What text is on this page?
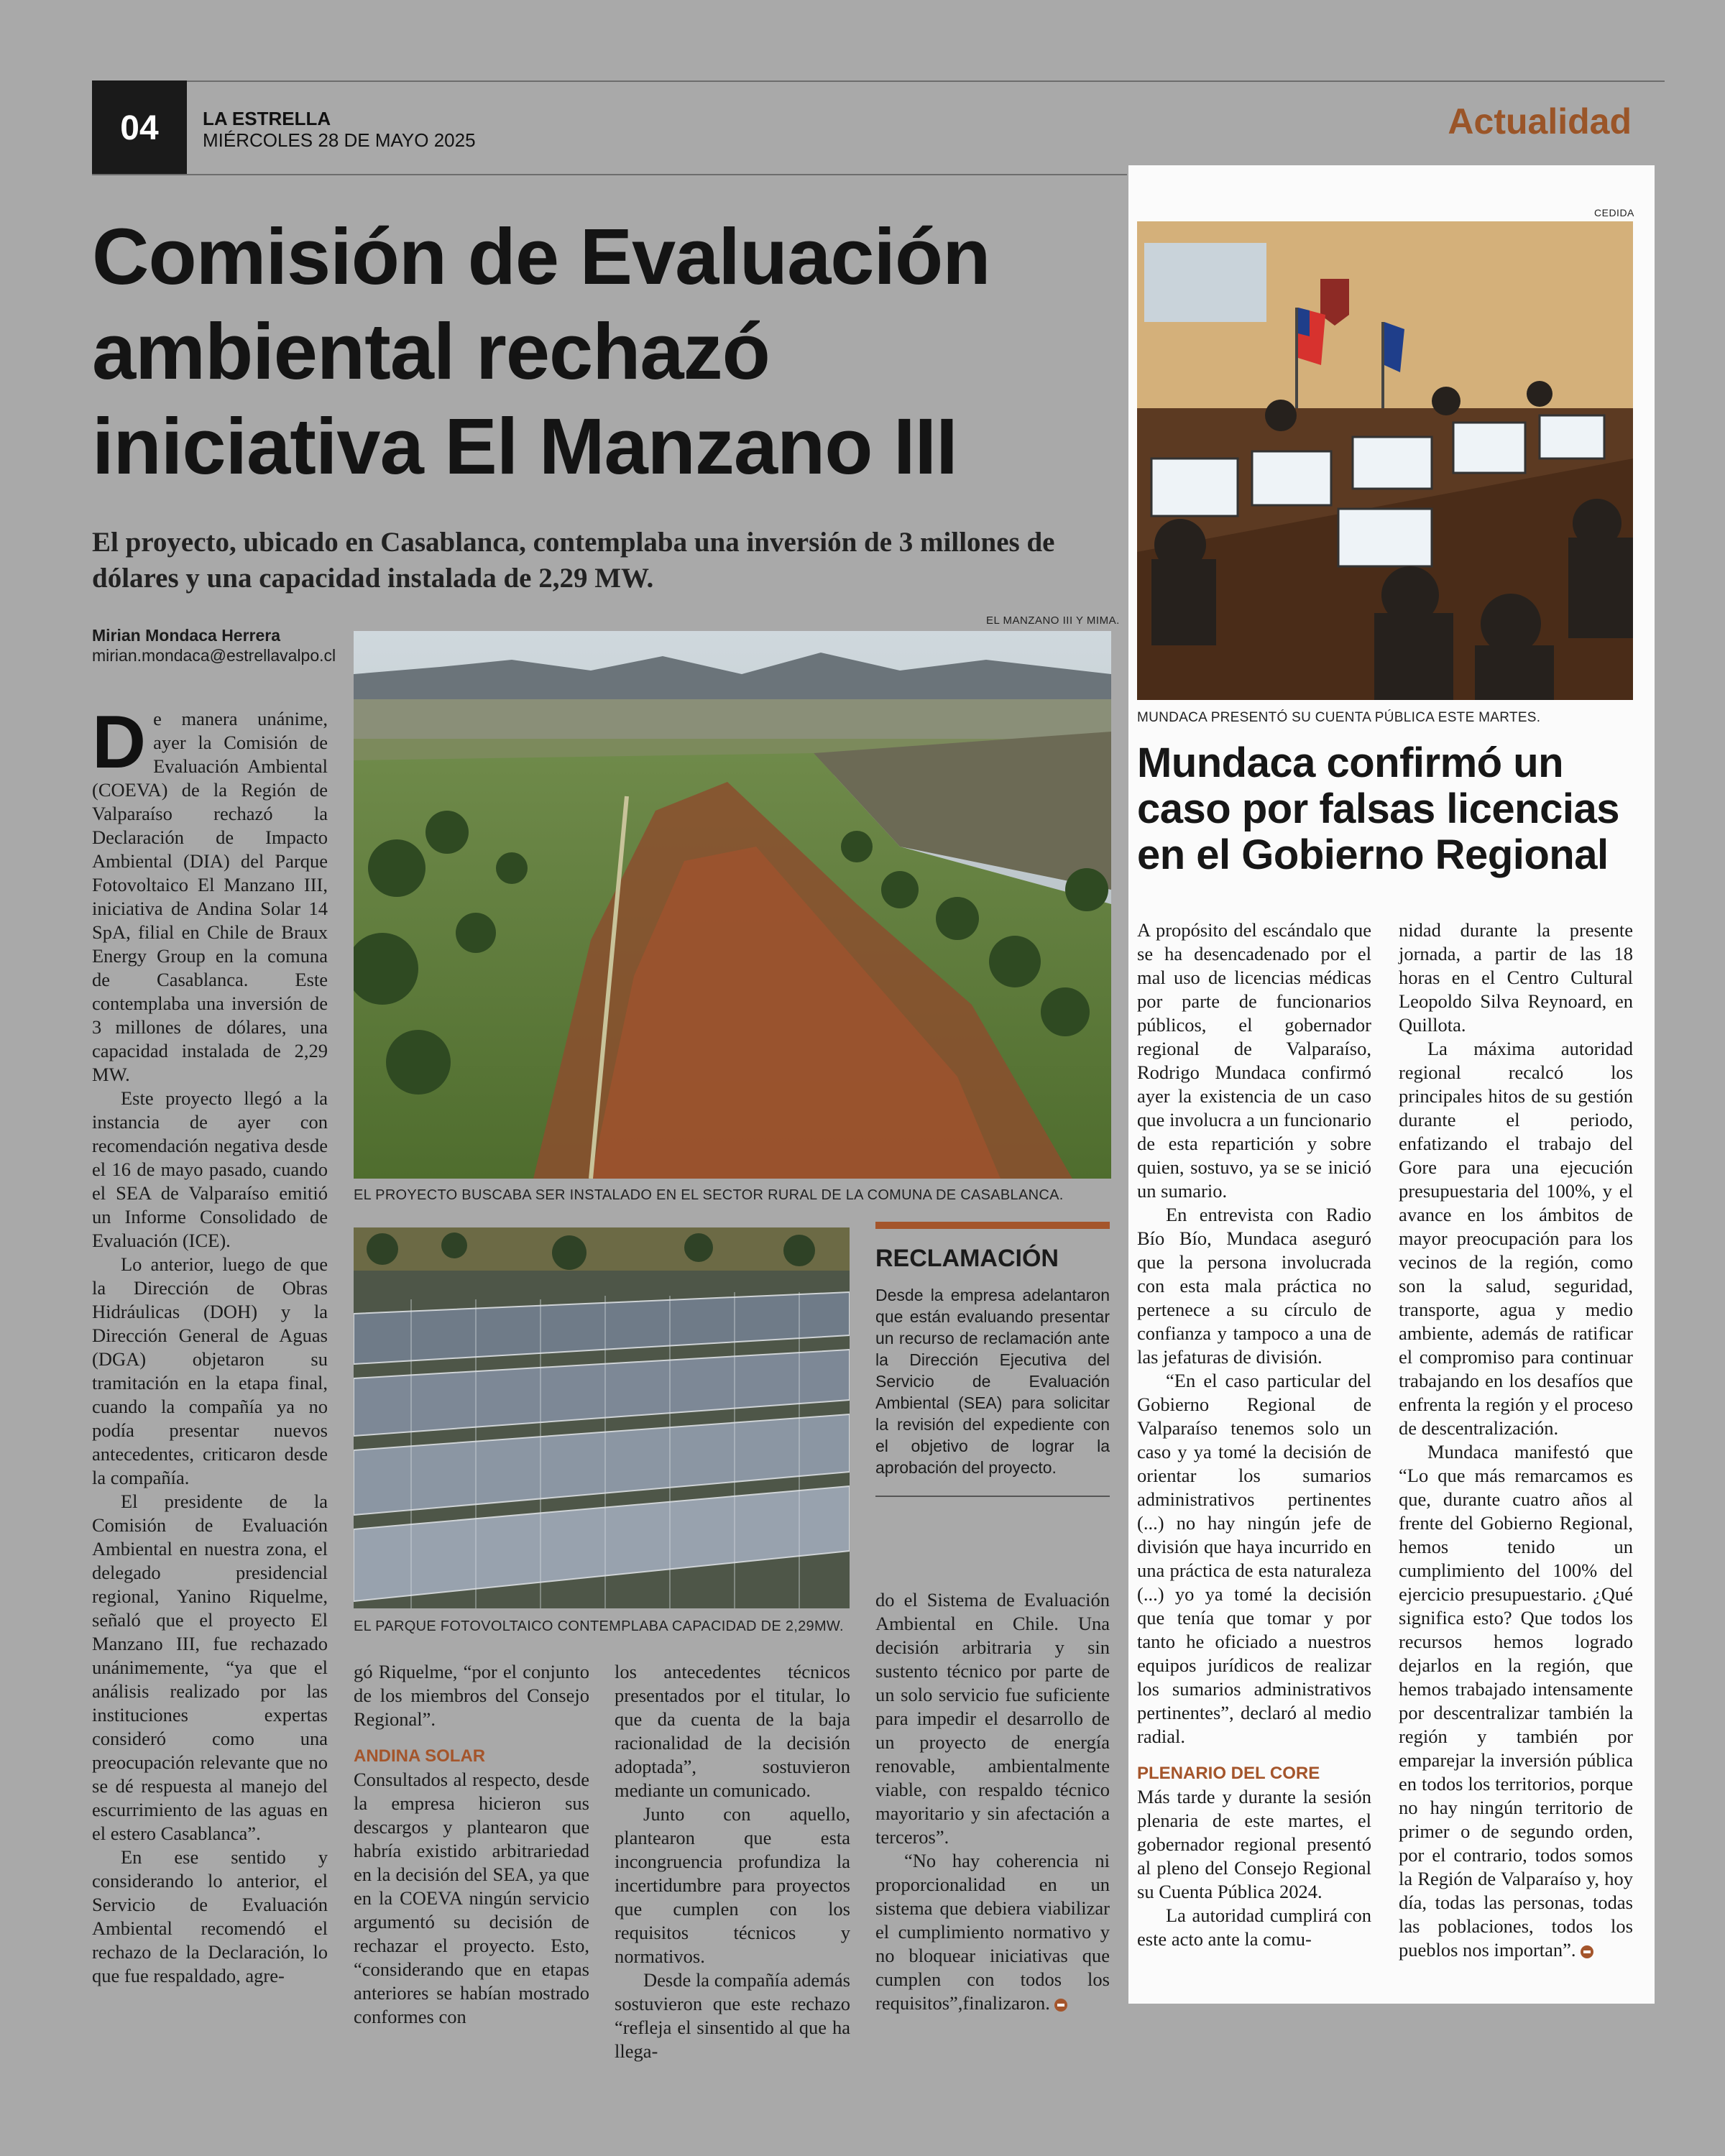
04	LA ESTRELLA
MIÉRCOLES 28 DE MAYO 2025	Actualidad
Comisión de Evaluación ambiental rechazó iniciativa El Manzano III
El proyecto, ubicado en Casablanca, contemplaba una inversión de 3 millones de dólares y una capacidad instalada de 2,29 MW.
EL MANZANO III Y MIMA.
Mirian Mondaca Herrera
mirian.mondaca@estrellavalpo.cl
D e manera unánime, ayer la Comisión de Evaluación Ambiental (COEVA) de la Región de Valparaíso rechazó la Declaración de Impacto Ambiental (DIA) del Parque Fotovoltaico El Manzano III, iniciativa de Andina Solar 14 SpA, filial en Chile de Braux Energy Group en la comuna de Casablanca. Este contemplaba una inversión de 3 millones de dólares, una capacidad instalada de 2,29 MW.

Este proyecto llegó a la instancia de ayer con recomendación negativa desde el 16 de mayo pasado, cuando el SEA de Valparaíso emitió un Informe Consolidado de Evaluación (ICE).

Lo anterior, luego de que la Dirección de Obras Hidráulicas (DOH) y la Dirección General de Aguas (DGA) objetaron su tramitación en la etapa final, cuando la compañía ya no podía presentar nuevos antecedentes, criticaron desde la compañía.

El presidente de la Comisión de Evaluación Ambiental en nuestra zona, el delegado presidencial regional, Yanino Riquelme, señaló que el proyecto El Manzano III, fue rechazado unánimemente, “ya que el análisis realizado por las instituciones expertas consideró como una preocupación relevante que no se dé respuesta al manejo del escurrimiento de las aguas en el estero Casablanca”.

En ese sentido y considerando lo anterior, el Servicio de Evaluación Ambiental recomendó el rechazo de la Declaración, lo que fue respaldado, agre-

EL PROYECTO BUSCABA SER INSTALADO EN EL SECTOR RURAL DE LA COMUNA DE CASABLANCA.
EL PARQUE FOTOVOLTAICO CONTEMPLABA CAPACIDAD DE 2,29MW.
RECLAMACIÓN
Desde la empresa adelantaron que están evaluando presentar un recurso de reclamación ante la Dirección Ejecutiva del Servicio de Evaluación Ambiental (SEA) para solicitar la revisión del expediente con el objetivo de lograr la aprobación del proyecto.

gó Riquelme, “por el conjunto de los miembros del Consejo Regional”.

ANDINA SOLAR

Consultados al respecto, desde la empresa hicieron sus descargos y plantearon que habría existido arbitrariedad en la decisión del SEA, ya que en la COEVA ningún servicio argumentó su decisión de rechazar el proyecto. Esto, “considerando que en etapas anteriores se habían mostrado conformes con

los antecedentes técnicos presentados por el titular, lo que da cuenta de la baja racionalidad de la decisión adoptada”, sostuvieron mediante un comunicado.

Junto con aquello, plantearon que esta incongruencia profundiza la incertidumbre para proyectos que cumplen con los requisitos técnicos y normativos.

Desde la compañía además sostuvieron que este rechazo “refleja el sinsentido al que ha llega-

do el Sistema de Evaluación Ambiental en Chile. Una decisión arbitraria y sin sustento técnico por parte de un solo servicio fue suficiente para impedir el desarrollo de un proyecto de energía renovable, ambientalmente viable, con respaldo técnico mayoritario y sin afectación a terceros”.

“No hay coherencia ni proporcionalidad en un sistema que debiera viabilizar el cumplimiento normativo y no bloquear iniciativas que cumplen con todos los requisitos”,finalizaron.

CEDIDA
MUNDACA PRESENTÓ SU CUENTA PÚBLICA ESTE MARTES.
Mundaca confirmó un caso por falsas licencias en el Gobierno Regional

A propósito del escándalo que se ha desencadenado por el mal uso de licencias médicas por parte de funcionarios públicos, el gobernador regional de Valparaíso, Rodrigo Mundaca confirmó ayer la existencia de un caso que involucra a un funcionario de esta repartición y sobre quien, sostuvo, ya se se inició un sumario.

En entrevista con Radio Bío Bío, Mundaca aseguró que la persona involucrada con esta mala práctica no pertenece a su círculo de confianza y tampoco a una de las jefaturas de división.

“En el caso particular del Gobierno Regional de Valparaíso tenemos solo un caso y ya tomé la decisión de orientar los sumarios administrativos pertinentes (...) no hay ningún jefe de división que haya incurrido en una práctica de esta naturaleza (...) yo ya tomé la decisión que tenía que tomar y por tanto he oficiado a nuestros equipos jurídicos de realizar los sumarios administrativos pertinentes”, declaró al medio radial.

PLENARIO DEL CORE

Más tarde y durante la sesión plenaria de este martes, el gobernador regional presentó al pleno del Consejo Regional su Cuenta Pública 2024.

La autoridad cumplirá con este acto ante la comu-

nidad durante la presente jornada, a partir de las 18 horas en el Centro Cultural Leopoldo Silva Reynoard, en Quillota.

La máxima autoridad regional recalcó los principales hitos de su gestión durante el periodo, enfatizando el trabajo del Gore para una ejecución presupuestaria del 100%, y el avance en los ámbitos de mayor preocupación para los vecinos de la región, como son la salud, seguridad, transporte, agua y medio ambiente, además de ratificar el compromiso para continuar trabajando en los desafíos que enfrenta la región y el proceso de descentralización.

Mundaca manifestó que “Lo que más remarcamos es que, durante cuatro años al frente del Gobierno Regional, hemos tenido un cumplimiento del 100% del ejercicio presupuestario. ¿Qué significa esto? Que todos los recursos hemos logrado dejarlos en la región, que hemos trabajado intensamente por descentralizar también la región y también por emparejar la inversión pública en todos los territorios, porque no hay ningún territorio de primer o de segundo orden, por el contrario, todos somos la Región de Valparaíso y, hoy día, todas las personas, todas las poblaciones, todos los pueblos nos importan”.
